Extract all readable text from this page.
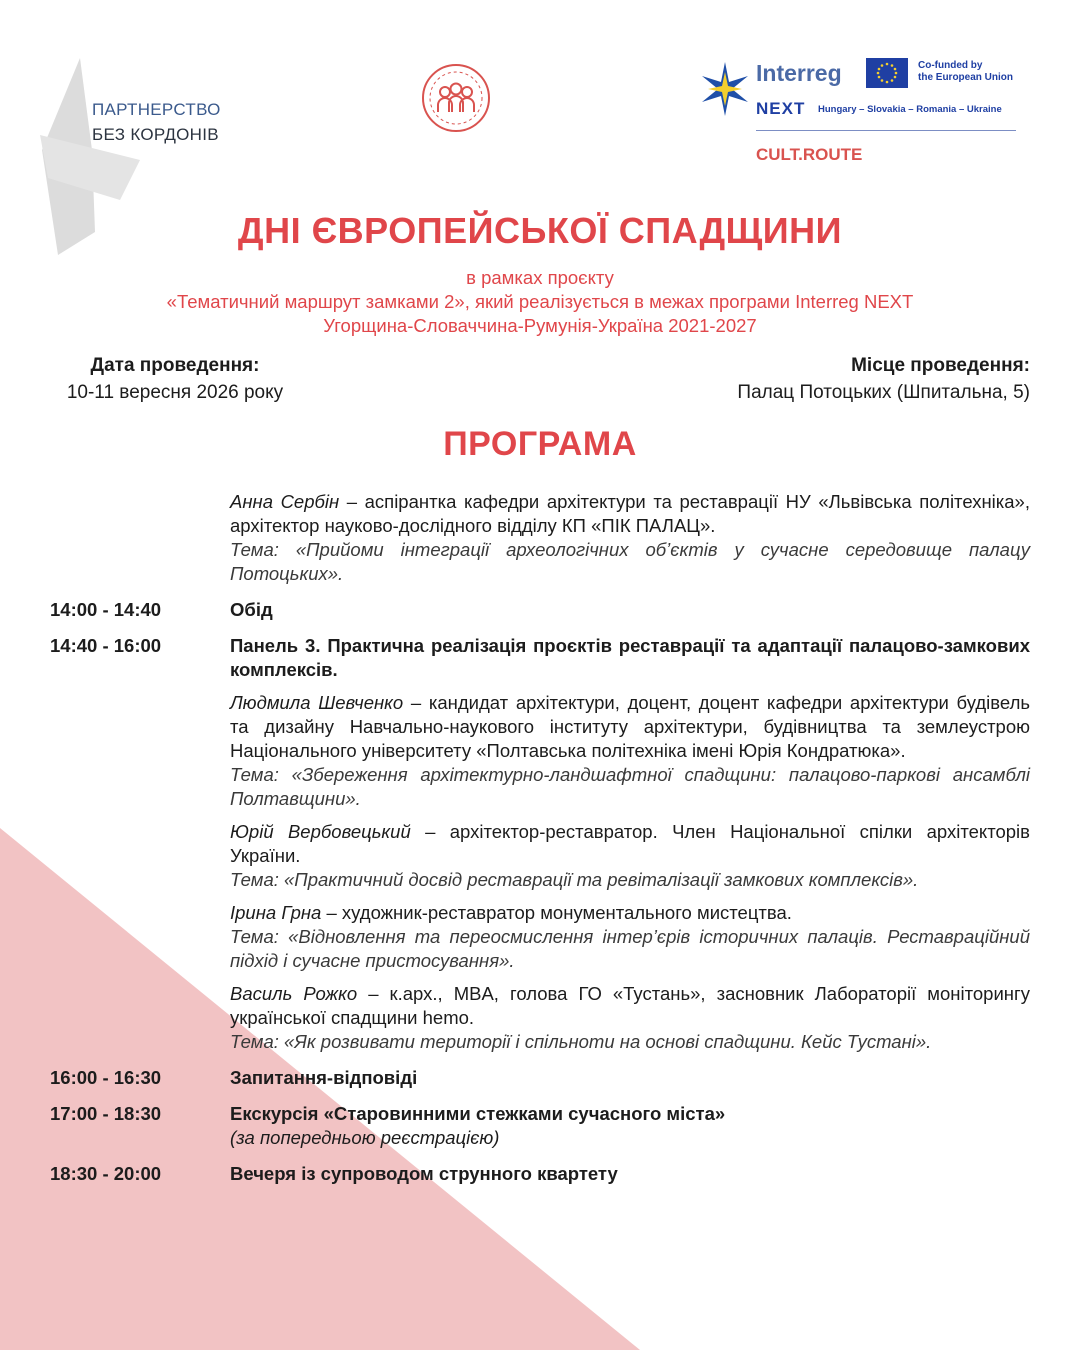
ПАРТНЕРСТВО
БЕЗ КОРДОНІВ
Interreg	Co-funded by
the European Union
NEXT Hungary – Slovakia – Romania – Ukraine
CULT.ROUTE
ДНІ ЄВРОПЕЙСЬКОЇ СПАДЩИНИ
в рамках проєкту
«Тематичний маршрут замками 2», який реалізується в межах програми Interreg NEXT
Угорщина-Словаччина-Румунія-Україна 2021-2027
Дата проведення:
10-11 вересня 2026 року
Місце проведення:
Палац Потоцьких (Шпитальна, 5)
ПРОГРАМА
Анна Сербін – аспірантка кафедри архітектури та реставрації НУ «Львівська політехніка», архітектор науково-дослідного відділу КП «ПІК ПАЛАЦ».
Тема: «Прийоми інтеграції археологічних об’єктів у сучасне середовище палацу Потоцьких».
14:00 - 14:40	Обід
14:40 - 16:00	Панель 3. Практична реалізація проєктів реставрації та адаптації палацово-замкових комплексів.
Людмила Шевченко – кандидат архітектури, доцент, доцент кафедри архітектури будівель та дизайну Навчально-наукового інституту архітектури, будівництва та землеустрою Національного університету «Полтавська політехніка імені Юрія Кондратюка».
Тема: «Збереження архітектурно-ландшафтної спадщини: палацово-паркові ансамблі Полтавщини».
Юрій Вербовецький – архітектор-реставратор. Член Національної спілки архітекторів України.
Тема: «Практичний досвід реставрації та ревіталізації замкових комплексів».
Ірина Грна – художник-реставратор монументального мистецтва.
Тема: «Відновлення та переосмислення інтер’єрів історичних палаців. Реставраційний підхід і сучасне пристосування».
Василь Рожко – к.арх., MBA, голова ГО «Тустань», засновник Лабораторії моніторингу української спадщини hemo.
Тема: «Як розвивати території і спільноти на основі спадщини. Кейс Тустані».
16:00 - 16:30	Запитання-відповіді
17:00 - 18:30	Екскурсія «Старовинними стежками сучасного міста»
(за попередньою реєстрацією)
18:30 - 20:00	Вечеря із супроводом струнного квартету
